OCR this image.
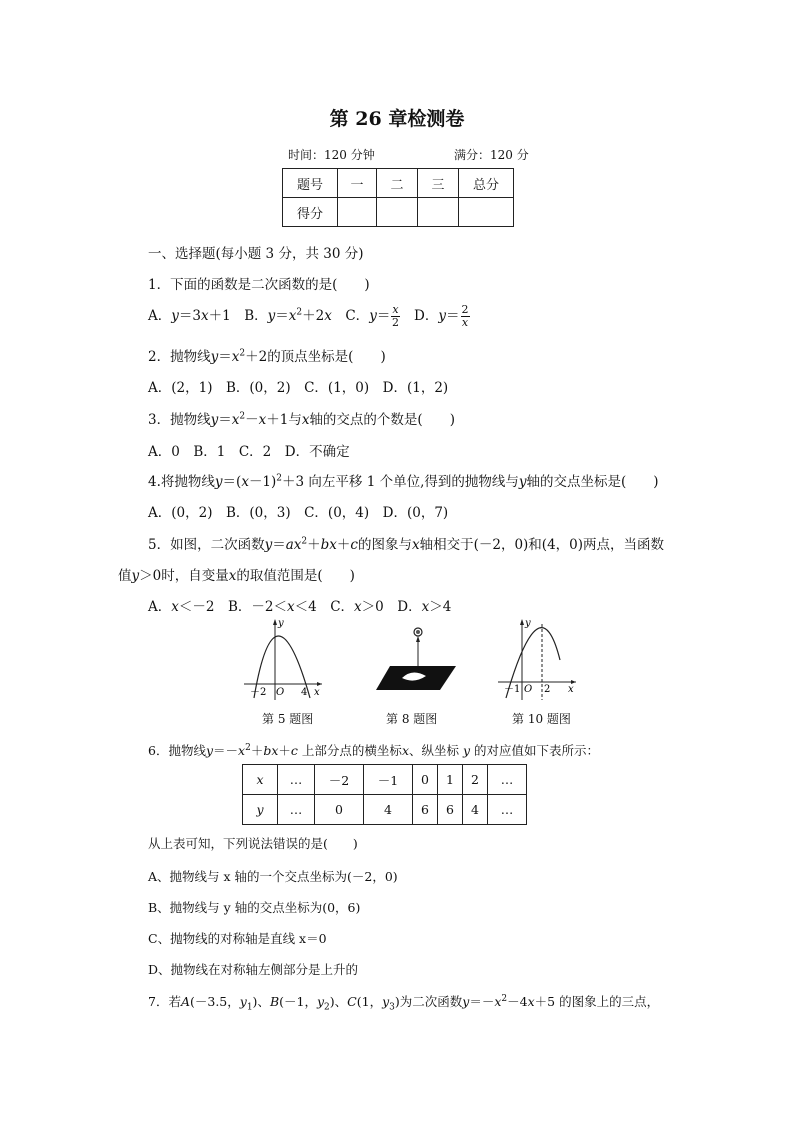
第 26 章检测卷
时间：120 分钟	满分：120 分
题号	一	二	三	总分
得分				
一、选择题(每小题 3 分，共 30 分)
1．下面的函数是二次函数的是(　　)
A．y＝3x＋1　B．$y=x^2+2x$　C．$y= \frac{x}{2}$ 　D．$y= \frac{2}{x}$
2．抛物线$y=x^2+2$的顶点坐标是(　　)
A．(2，1)　B．(0，2)　C．(1，0)　D．(1，2)
3．抛物线$y=x^2-x+1$与x轴的交点的个数是(　　)
A．0　B．1　C．2　D．不确定
4.将抛物线$y=(x-1)^2+3$ 向左平移 1 个单位,得到的抛物线与y轴的交点坐标是(　　)
A．(0，2)　B．(0，3)　C．(0，4)　D．(0，7)
5．如图，二次函数$y=ax^2+bx+c$的图象与x轴相交于(－2，0)和(4，0)两点，当函数
值y＞0时，自变量x的取值范围是(　　)
A．x＜－2　B．－2＜x＜4　C．x＞0　D．x＞4
y
x
－2 O 4
第 5 题图	第 8 题图
y
x
－1 O 2
第 10 题图
6．抛物线$y=-x^2+bx+c$ 上部分点的横坐标x、纵坐标 y 的对应值如下表所示：
x	…	－2	－1	0	1	2	…
y	…	0	4	6	6	4	…
从上表可知，下列说法错误的是(　　)
A、抛物线与 x 轴的一个交点坐标为(－2，0)
B、抛物线与 y 轴的交点坐标为(0，6)
C、抛物线的对称轴是直线 x＝0
D、抛物线在对称轴左侧部分是上升的
7．若A(－3.5，$y_1$)、B(－1，$y_2$)、C(1，$y_3$)为二次函数$y=-x^2-4x+5$ 的图象上的三点，
